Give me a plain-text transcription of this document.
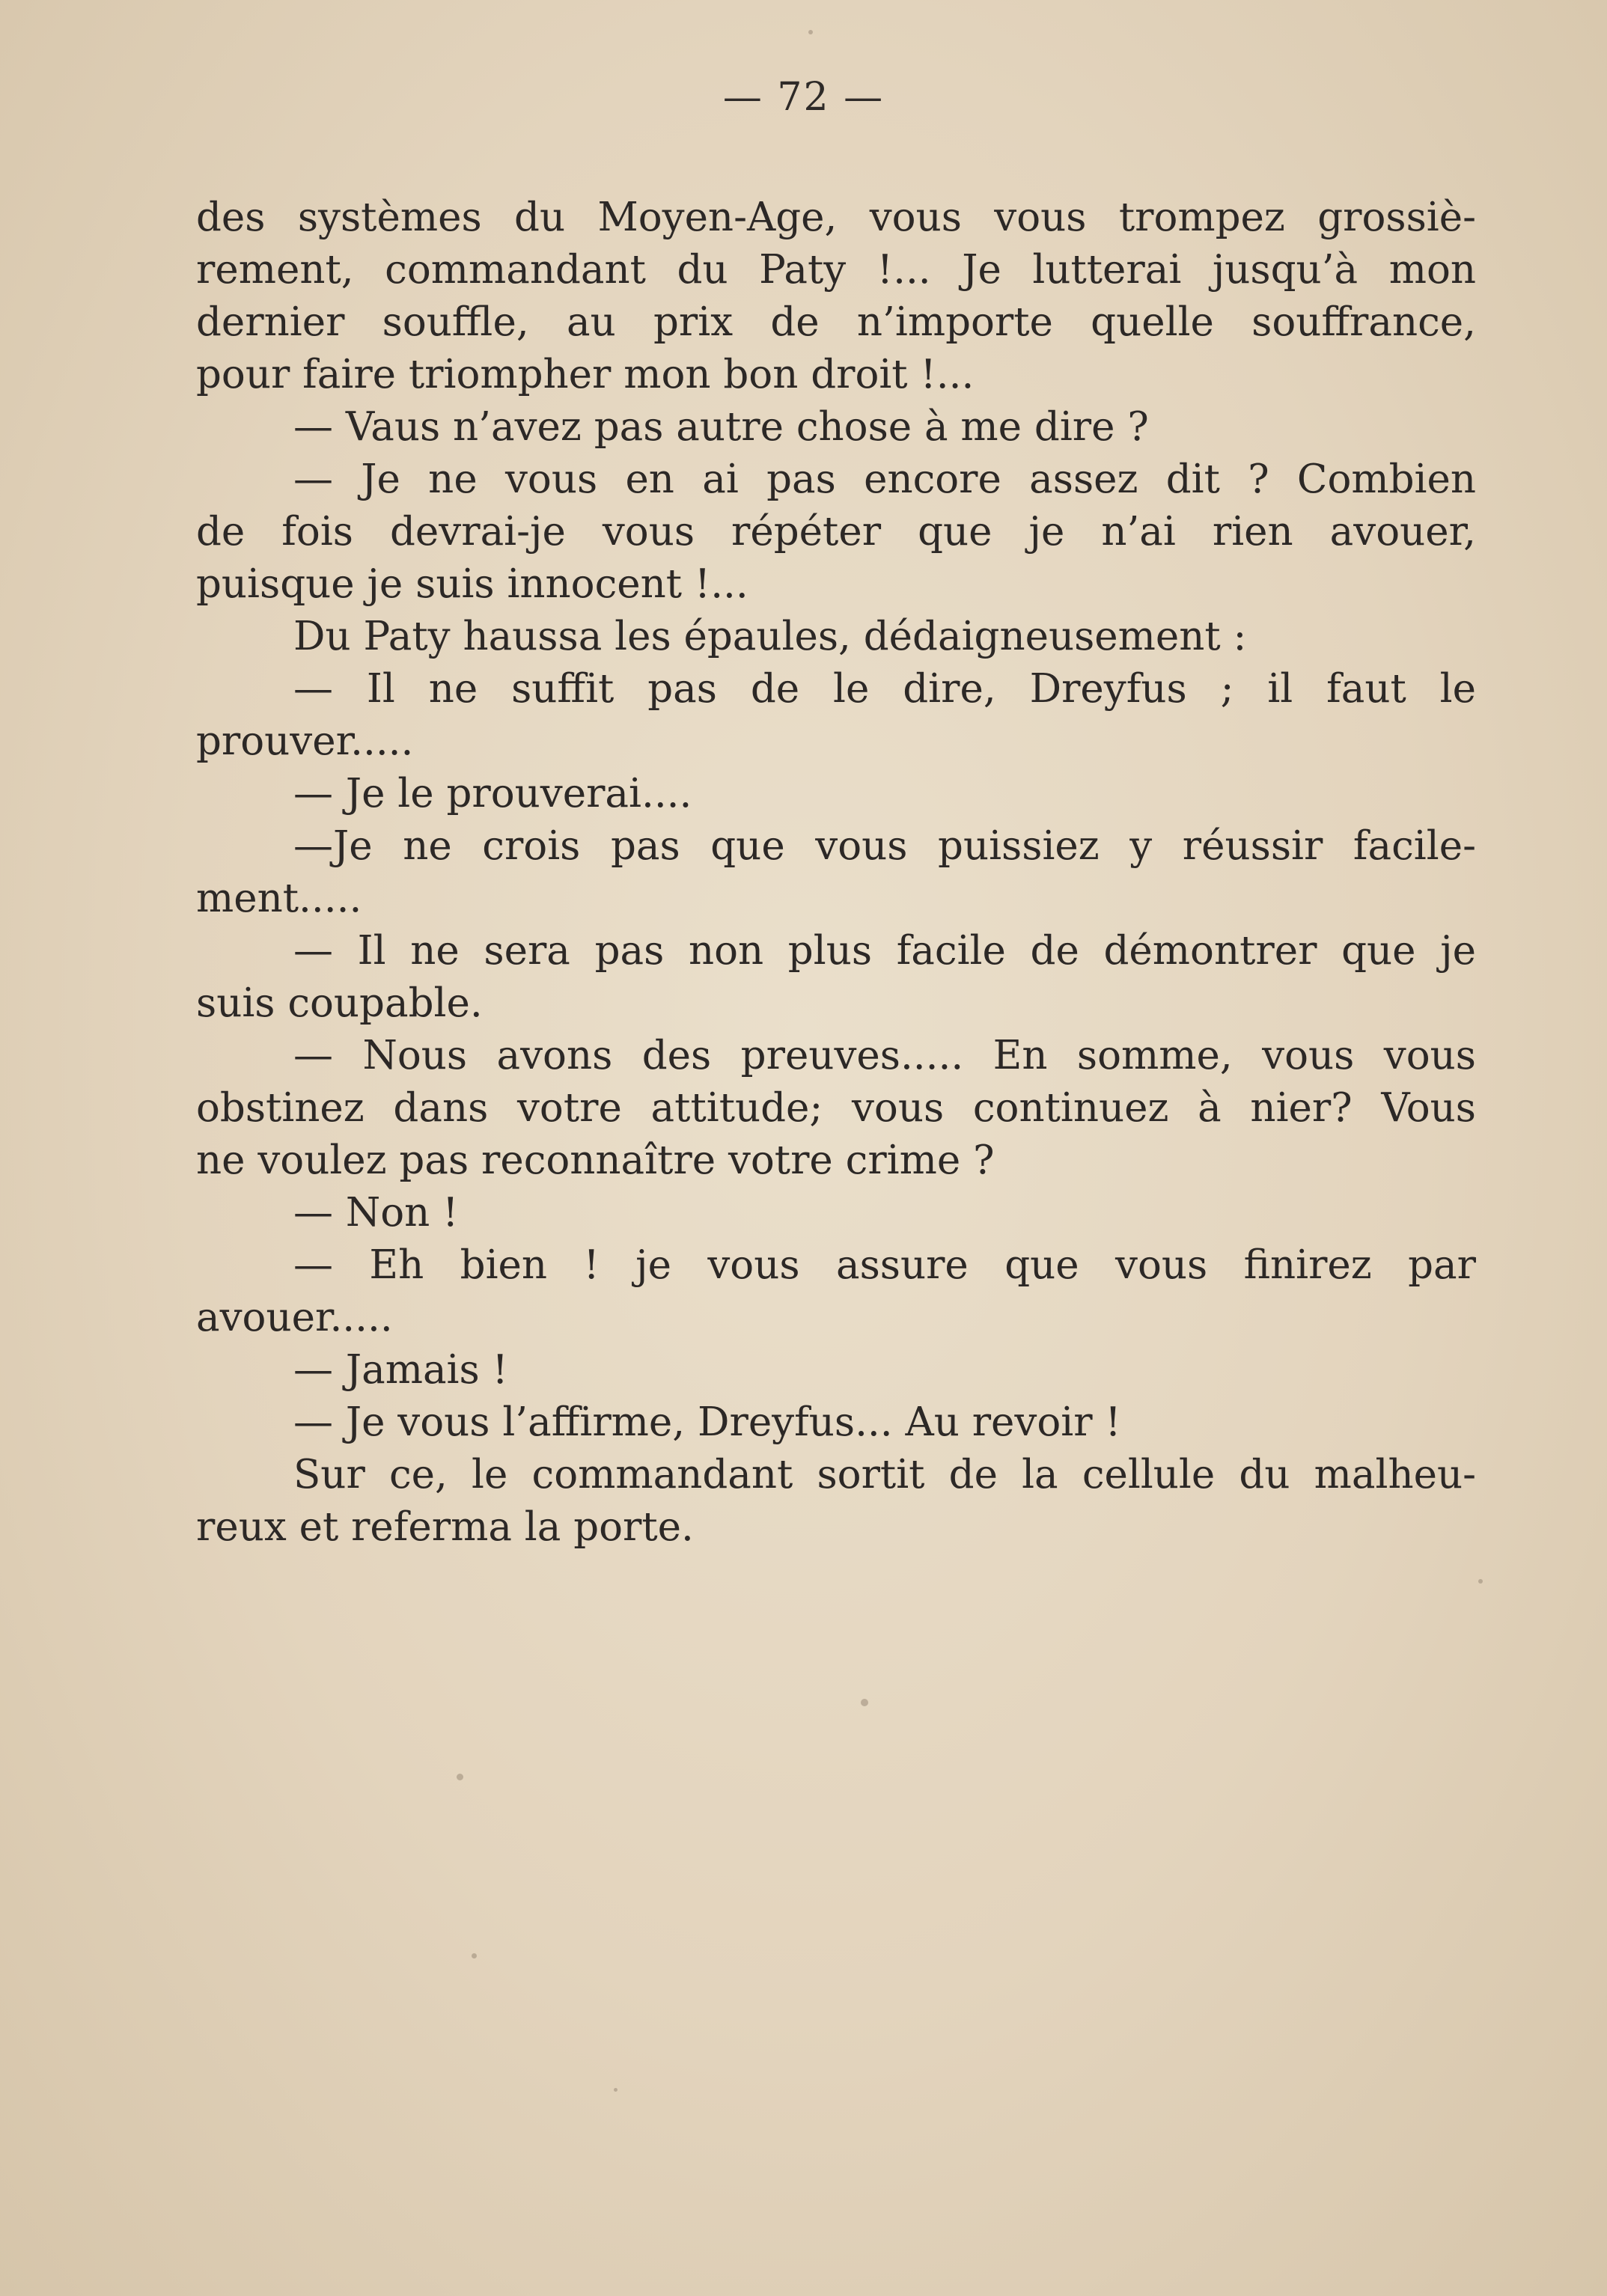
— 72 —
des systèmes du Moyen-Age, vous vous trompez grossiè-
rement, commandant du Paty !... Je lutterai jusqu’à mon
dernier souffle, au prix de n’importe quelle souffrance,
pour faire triompher mon bon droit !...
— Vaus n’avez pas autre chose à me dire ?
— Je ne vous en ai pas encore assez dit ? Combien
de fois devrai-je vous répéter que je n’ai rien avouer,
puisque je suis innocent !...
Du Paty haussa les épaules, dédaigneusement :
— Il ne suffit pas de le dire, Dreyfus ; il faut le
prouver.....
— Je le prouverai....
—Je ne crois pas que vous puissiez y réussir facile-
ment.....
— Il ne sera pas non plus facile de démontrer que je
suis coupable.
— Nous avons des preuves..... En somme, vous vous
obstinez dans votre attitude; vous continuez à nier? Vous
ne voulez pas reconnaître votre crime ?
— Non !
— Eh bien ! je vous assure que vous finirez par
avouer.....
— Jamais !
— Je vous l’affirme, Dreyfus... Au revoir !
Sur ce, le commandant sortit de la cellule du malheu-
reux et referma la porte.
